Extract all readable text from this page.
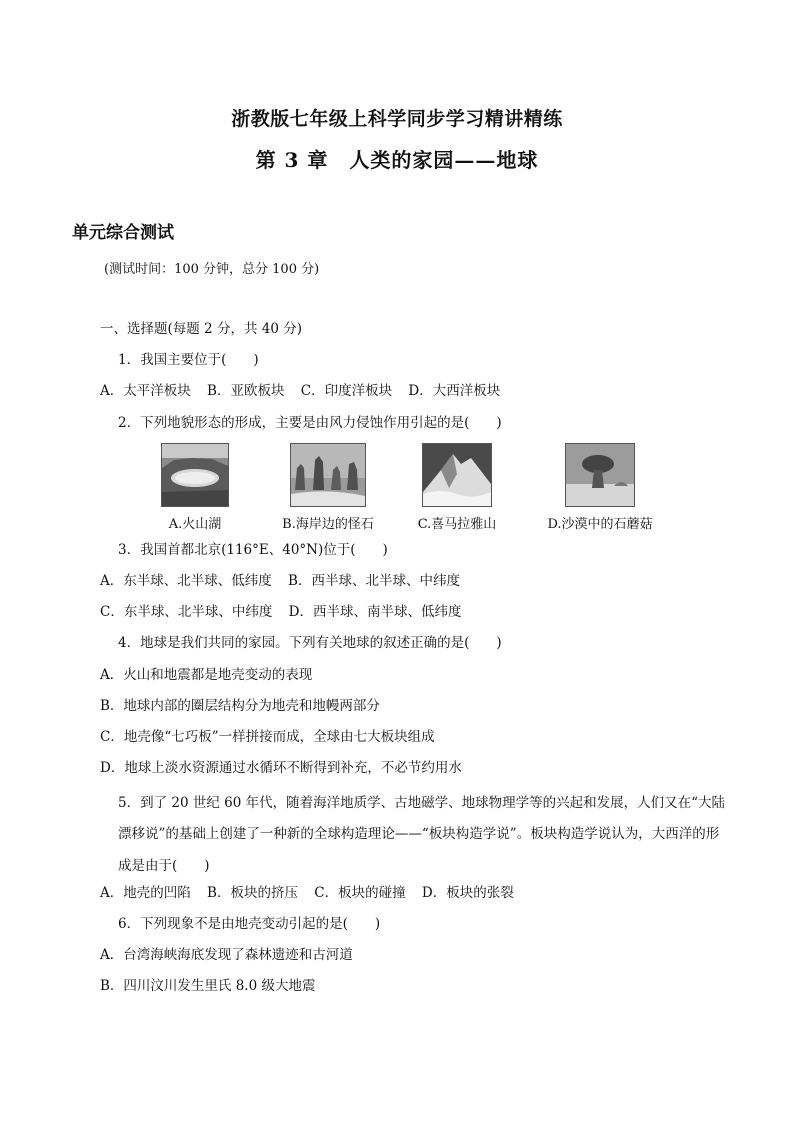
浙教版七年级上科学同步学习精讲精练
第 3 章　人类的家园——地球
单元综合测试
(测试时间：100 分钟，总分 100 分)
一、选择题(每题 2 分，共 40 分)
1．我国主要位于(　　)
A．太平洋板块 B．亚欧板块 C．印度洋板块 D．大西洋板块
2．下列地貌形态的形成，主要是由风力侵蚀作用引起的是(　　)
A.火山湖	B.海岸边的怪石	C.喜马拉雅山	D.沙漠中的石蘑菇
3．我国首都北京(116°E、40°N)位于(　　)
A．东半球、北半球、低纬度 B．西半球、北半球、中纬度
C．东半球、北半球、中纬度 D．西半球、南半球、低纬度
4．地球是我们共同的家园。下列有关地球的叙述正确的是(　　)
A．火山和地震都是地壳变动的表现
B．地球内部的圈层结构分为地壳和地幔两部分
C．地壳像“七巧板”一样拼接而成，全球由七大板块组成
D．地球上淡水资源通过水循环不断得到补充，不必节约用水
5．到了 20 世纪 60 年代，随着海洋地质学、古地磁学、地球物理学等的兴起和发展，人们又在“大陆漂移说”的基础上创建了一种新的全球构造理论——“板块构造学说”。板块构造学说认为，大西洋的形成是由于(　　)
A．地壳的凹陷 B．板块的挤压 C．板块的碰撞 D．板块的张裂
6．下列现象不是由地壳变动引起的是(　　)
A．台湾海峡海底发现了森林遗迹和古河道
B．四川汶川发生里氏 8.0 级大地震
